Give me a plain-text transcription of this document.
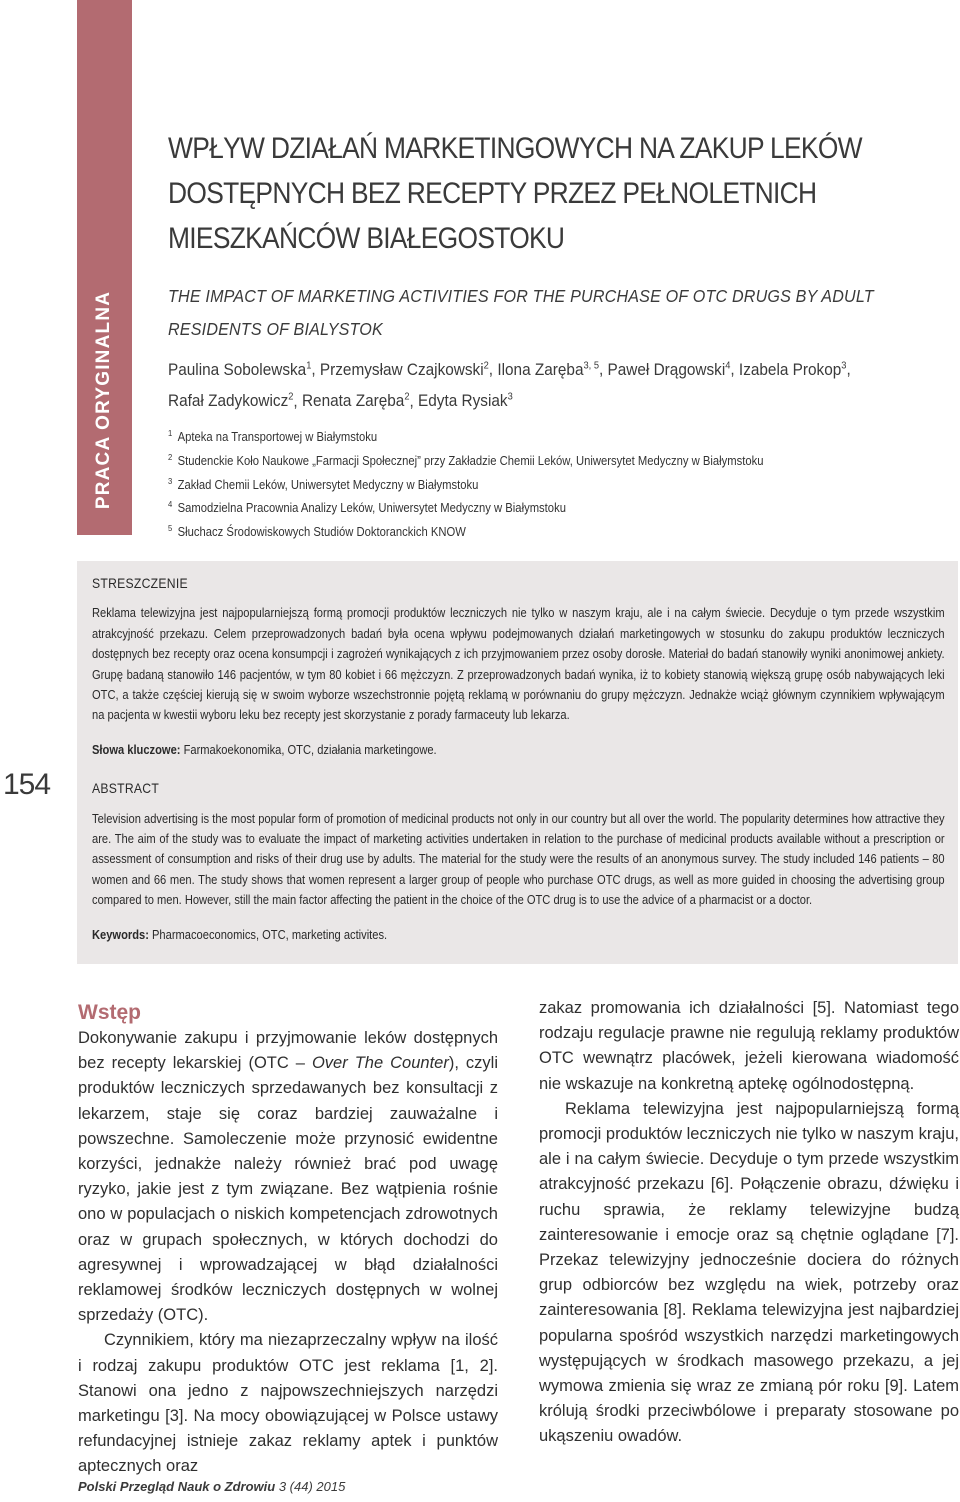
PRACA ORYGINALNA
WPŁYW DZIAŁAŃ MARKETINGOWYCH NA ZAKUP LEKÓW DOSTĘPNYCH BEZ RECEPTY PRZEZ PEŁNOLETNICH MIESZKAŃCÓW BIAŁEGOSTOKU
THE IMPACT OF MARKETING ACTIVITIES FOR THE PURCHASE OF OTC DRUGS BY ADULT RESIDENTS OF BIALYSTOK
Paulina Sobolewska$^1$, Przemysław Czajkowski$^2$, Ilona Zaręba$^{3, 5}$, Paweł Drągowski$^4$, Izabela Prokop$^3$,
Rafał Zadykowicz$^2$, Renata Zaręba$^2$, Edyta Rysiak$^3$
$^1$ Apteka na Transportowej w Białymstoku
$^2$ Studenckie Koło Naukowe „Farmacji Społecznej” przy Zakładzie Chemii Leków, Uniwersytet Medyczny w Białymstoku
$^3$ Zakład Chemii Leków, Uniwersytet Medyczny w Białymstoku
$^4$ Samodzielna Pracownia Analizy Leków, Uniwersytet Medyczny w Białymstoku
$^5$ Słuchacz Środowiskowych Studiów Doktoranckich KNOW
STRESZCZENIE
Reklama telewizyjna jest najpopularniejszą formą promocji produktów leczniczych nie tylko w naszym kraju, ale i na całym świecie. Decyduje o tym przede wszystkim atrakcyjność przekazu. Celem przeprowadzonych badań była ocena wpływu podejmowanych działań marketingowych w stosunku do zakupu produktów leczniczych dostępnych bez recepty oraz ocena konsumpcji i zagrożeń wynikających z ich przyjmowaniem przez osoby dorosłe. Materiał do badań stanowiły wyniki anonimowej ankiety. Grupę badaną stanowiło 146 pacjentów, w tym 80 kobiet i 66 mężczyzn. Z przeprowadzonych badań wynika, iż to kobiety stanowią większą grupę osób nabywających leki OTC, a także częściej kierują się w swoim wyborze wszechstronnie pojętą reklamą w porównaniu do grupy mężczyzn. Jednakże wciąż głównym czynnikiem wpływającym na pacjenta w kwestii wyboru leku bez recepty jest skorzystanie z porady farmaceuty lub lekarza.
Słowa kluczowe: Farmakoekonomika, OTC, działania marketingowe.
ABSTRACT
Television advertising is the most popular form of promotion of medicinal products not only in our country but all over the world. The popularity determines how attractive they are. The aim of the study was to evaluate the impact of marketing activities undertaken in relation to the purchase of medicinal products available without a prescription or assessment of consumption and risks of their drug use by adults. The material for the study were the results of an anonymous survey. The study included 146 patients – 80 women and 66 men. The study shows that women represent a larger group of people who purchase OTC drugs, as well as more guided in choosing the advertising group compared to men. However, still the main factor affecting the patient in the choice of the OTC drug is to use the advice of a pharmacist or a doctor.
Keywords: Pharmacoeconomics, OTC, marketing activites.
154
Wstęp

Dokonywanie zakupu i przyjmowanie leków dostępnych bez recepty lekarskiej (OTC – Over The Counter), czyli produktów leczniczych sprzedawanych bez konsultacji z lekarzem, staje się coraz bardziej zauważalne i powszechne. Samoleczenie może przynosić ewidentne korzyści, jednakże należy również brać pod uwagę ryzyko, jakie jest z tym związane. Bez wątpienia rośnie ono w populacjach o niskich kompetencjach zdrowotnych oraz w grupach społecznych, w których dochodzi do agresywnej i wprowadzającej w błąd działalności reklamowej środków leczniczych dostępnych w wolnej sprzedaży (OTC).

Czynnikiem, który ma niezaprzeczalny wpływ na ilość i rodzaj zakupu produktów OTC jest reklama [1, 2]. Stanowi ona jedno z najpowszechniejszych narzędzi marketingu [3]. Na mocy obowiązującej w Polsce ustawy refundacyjnej istnieje zakaz reklamy aptek i punktów aptecznych oraz

zakaz promowania ich działalności [5]. Natomiast tego rodzaju regulacje prawne nie regulują reklamy produktów OTC wewnątrz placówek, jeżeli kierowana wiadomość nie wskazuje na konkretną aptekę ogólnodostępną.

Reklama telewizyjna jest najpopularniejszą formą promocji produktów leczniczych nie tylko w naszym kraju, ale i na całym świecie. Decyduje o tym przede wszystkim atrakcyjność przekazu [6]. Połączenie obrazu, dźwięku i ruchu sprawia, że reklamy telewizyjne budzą zainteresowanie i emocje oraz są chętnie oglądane [7]. Przekaz telewizyjny jednocześnie dociera do różnych grup odbiorców bez względu na wiek, potrzeby oraz zainteresowania [8]. Reklama telewizyjna jest najbardziej popularna spośród wszystkich narzędzi marketingowych występujących w środkach masowego przekazu, a jej wymowa zmienia się wraz ze zmianą pór roku [9]. Latem królują środki przeciwbólowe i preparaty stosowane po ukąszeniu owadów.

Polski Przegląd Nauk o Zdrowiu 3 (44) 2015
